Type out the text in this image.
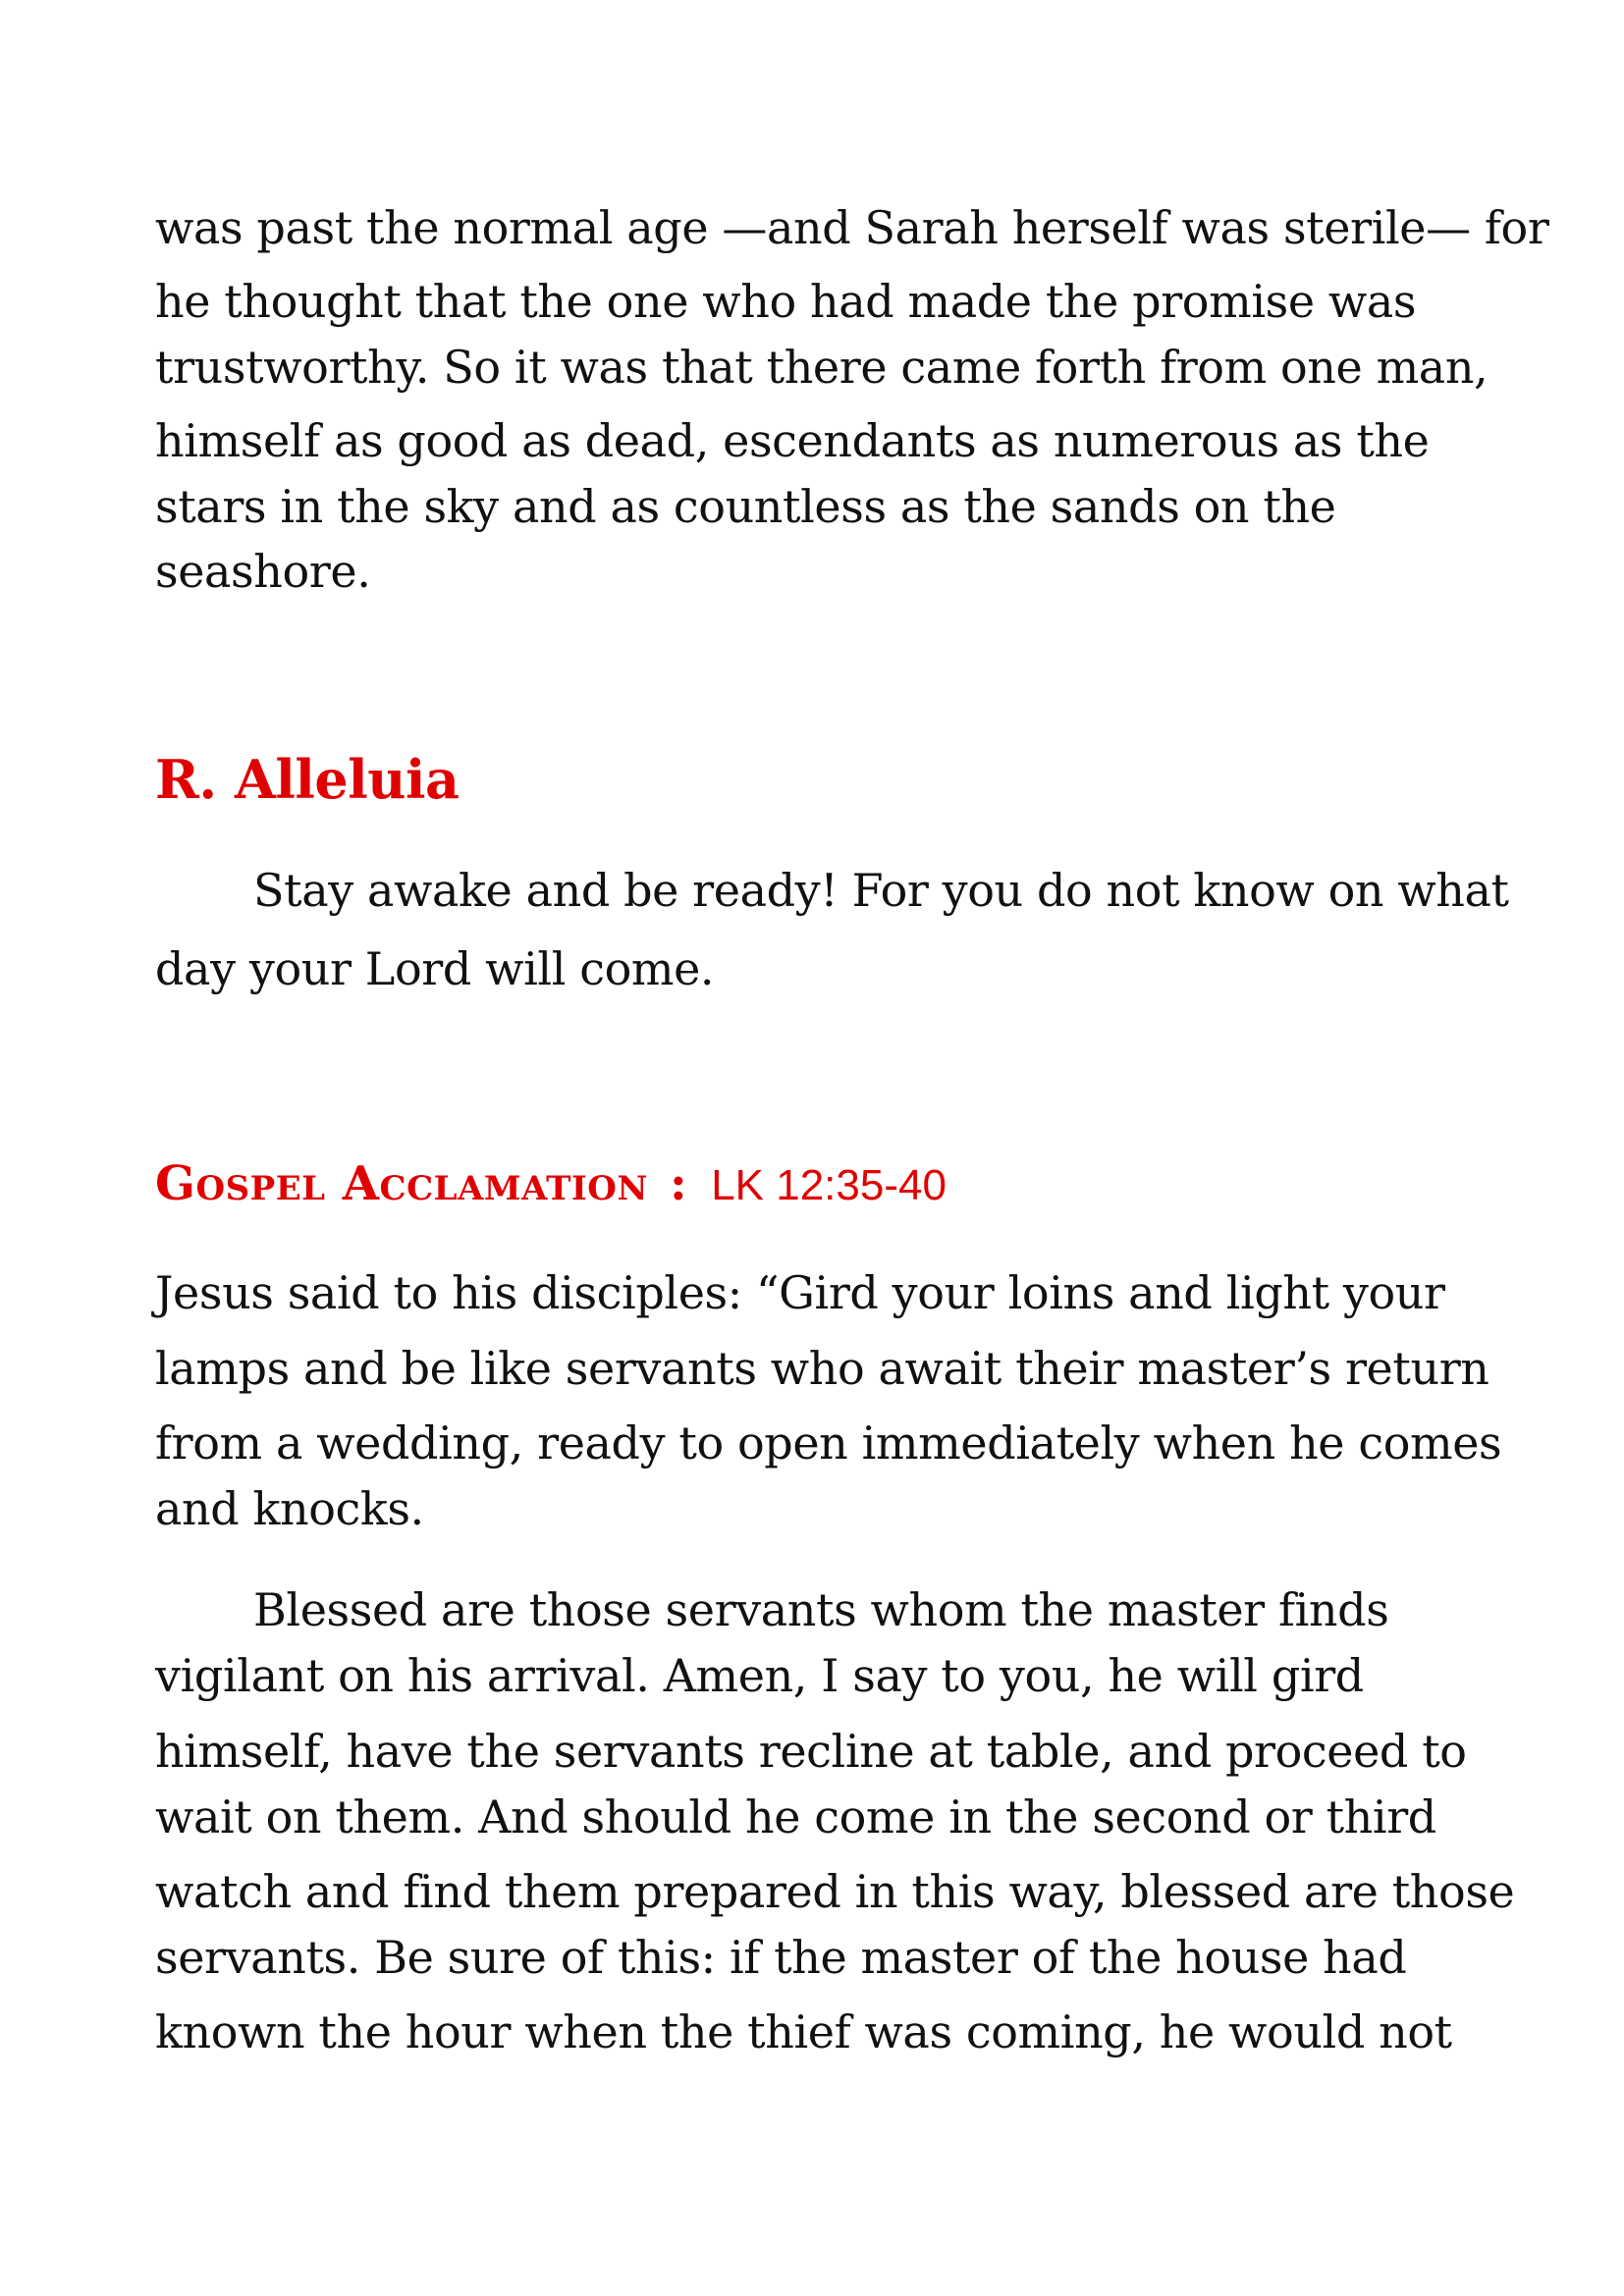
was past the normal age —and Sarah herself was sterile— for
he thought that the one who had made the promise was
trustworthy. So it was that there came forth from one man,
himself as good as dead, escendants as numerous as the
stars in the sky and as countless as the sands on the
seashore.
R. Alleluia
Stay awake and be ready! For you do not know on what
day your Lord will come.
Gospel Acclamation : LK 12:35-40
Jesus said to his disciples: “Gird your loins and light your
lamps and be like servants who await their master’s return
from a wedding, ready to open immediately when he comes
and knocks.
Blessed are those servants whom the master finds
vigilant on his arrival. Amen, I say to you, he will gird
himself, have the servants recline at table, and proceed to
wait on them. And should he come in the second or third
watch and find them prepared in this way, blessed are those
servants. Be sure of this: if the master of the house had
known the hour when the thief was coming, he would not
